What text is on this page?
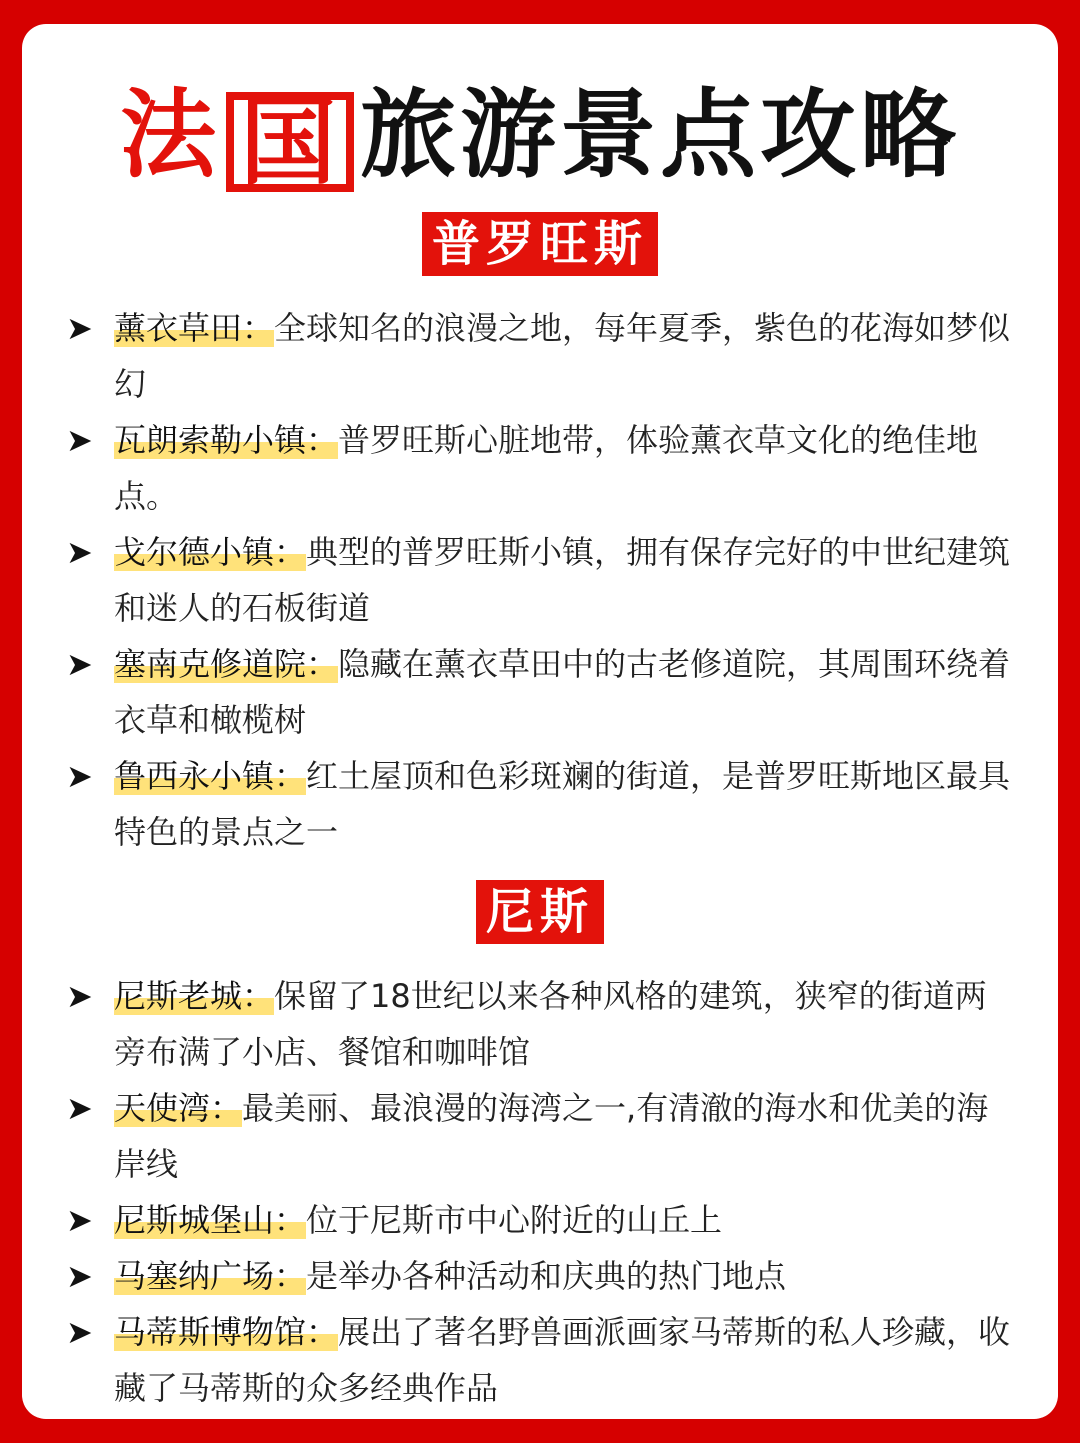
法 国 旅游景点攻略
普罗旺斯
➤ 薰衣草田：全球知名的浪漫之地，每年夏季，紫色的花海如梦似幻
➤ 瓦朗索勒小镇：普罗旺斯心脏地带，体验薰衣草文化的绝佳地点。
➤ 戈尔德小镇：典型的普罗旺斯小镇，拥有保存完好的中世纪建筑和迷人的石板街道
➤ 塞南克修道院：隐藏在薰衣草田中的古老修道院，其周围环绕着衣草和橄榄树
➤ 鲁西永小镇：红土屋顶和色彩斑斓的街道，是普罗旺斯地区最具特色的景点之一
尼斯
➤ 尼斯老城：保留了18世纪以来各种风格的建筑，狭窄的街道两旁布满了小店、餐馆和咖啡馆
➤ 天使湾：最美丽、最浪漫的海湾之一,有清澈的海水和优美的海岸线
➤ 尼斯城堡山：位于尼斯市中心附近的山丘上
➤ 马塞纳广场：是举办各种活动和庆典的热门地点
➤ 马蒂斯博物馆：展出了著名野兽画派画家马蒂斯的私人珍藏，收藏了马蒂斯的众多经典作品
